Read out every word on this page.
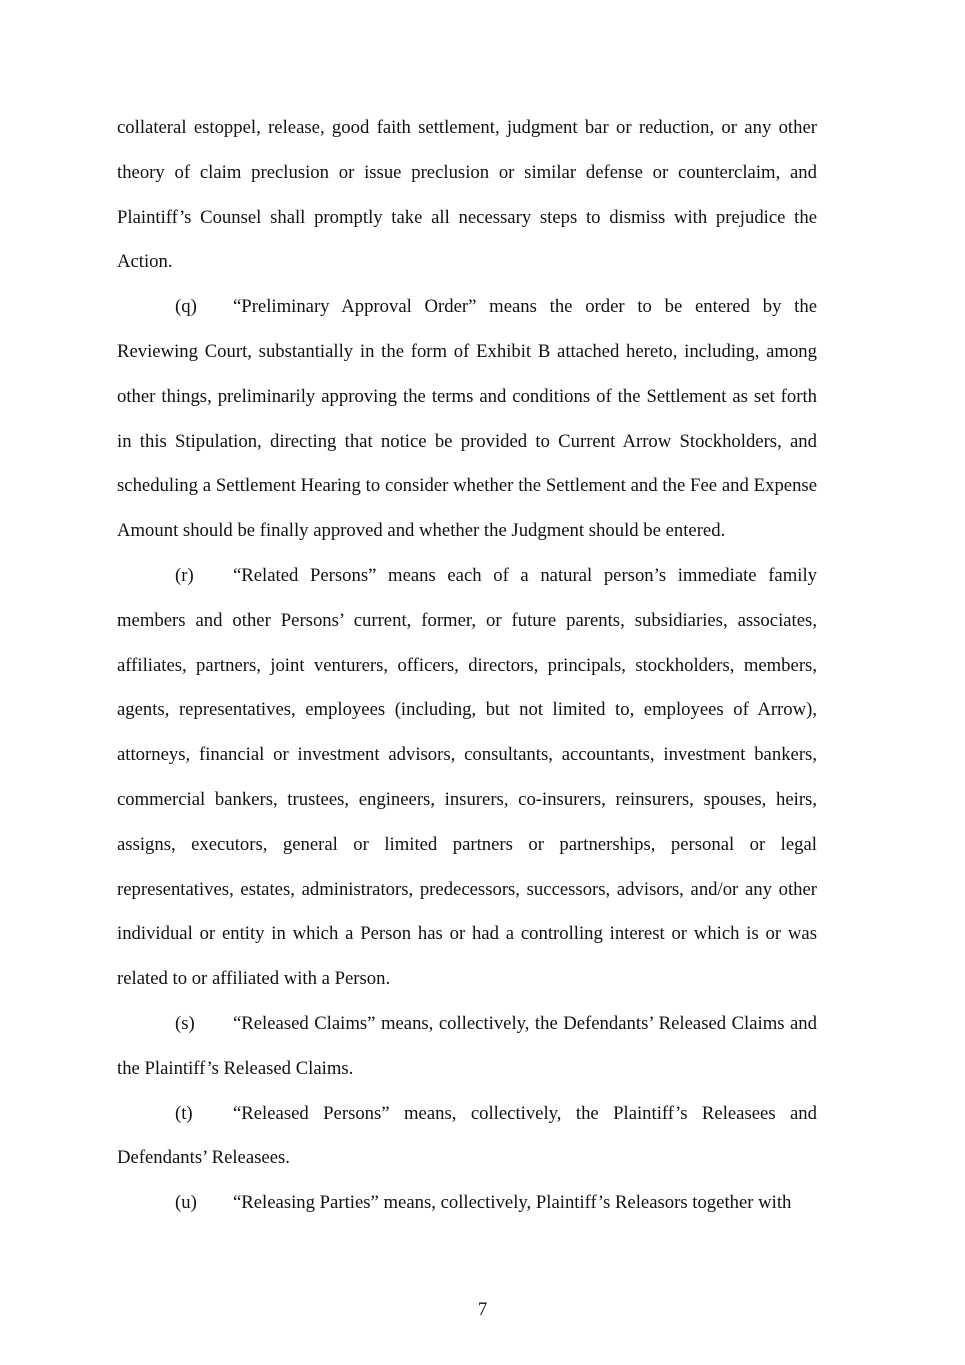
collateral estoppel, release, good faith settlement, judgment bar or reduction, or any other theory of claim preclusion or issue preclusion or similar defense or counterclaim, and Plaintiff’s Counsel shall promptly take all necessary steps to dismiss with prejudice the Action.

(q) “Preliminary Approval Order” means the order to be entered by the Reviewing Court, substantially in the form of Exhibit B attached hereto, including, among other things, preliminarily approving the terms and conditions of the Settlement as set forth in this Stipulation, directing that notice be provided to Current Arrow Stockholders, and scheduling a Settlement Hearing to consider whether the Settlement and the Fee and Expense Amount should be finally approved and whether the Judgment should be entered.

(r) “Related Persons” means each of a natural person’s immediate family members and other Persons’ current, former, or future parents, subsidiaries, associates, affiliates, partners, joint venturers, officers, directors, principals, stockholders, members, agents, representatives, employees (including, but not limited to, employees of Arrow), attorneys, financial or investment advisors, consultants, accountants, investment bankers, commercial bankers, trustees, engineers, insurers, co-insurers, reinsurers, spouses, heirs, assigns, executors, general or limited partners or partnerships, personal or legal representatives, estates, administrators, predecessors, successors, advisors, and/or any other individual or entity in which a Person has or had a controlling interest or which is or was related to or affiliated with a Person.

(s) “Released Claims” means, collectively, the Defendants’ Released Claims and the Plaintiff’s Released Claims.

(t) “Released Persons” means, collectively, the Plaintiff’s Releasees and Defendants’ Releasees.

(u) “Releasing Parties” means, collectively, Plaintiff’s Releasors together with

7
